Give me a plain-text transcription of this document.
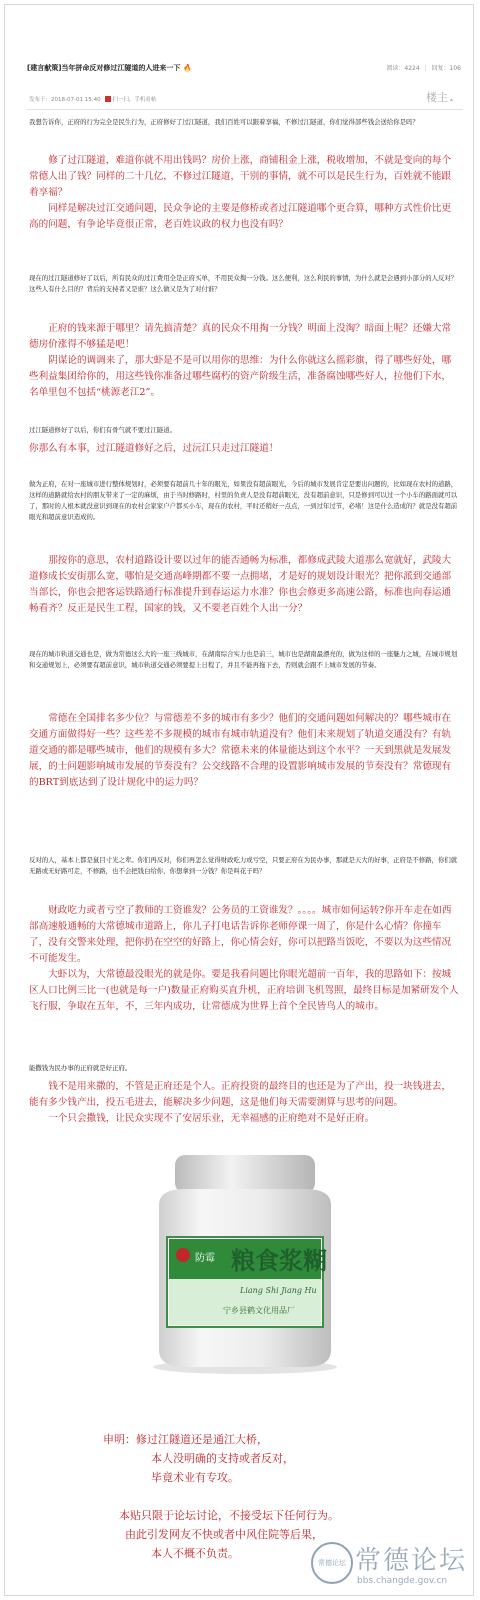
[建言献策]当年拼命反对修过江隧道的人进来一下 🔥	阅读：4224 | 回复：106
发布于：2018-07-01 15:40 扫一扫，手机看帖	楼主 ▴
我想告诉你，正府的行为完全是民生行为，正府修好了过江隧道，我们百姓可以跟着享福，不修过江隧道，你们觉得部些钱会送给你是吗？

修了过江隧道，难道你就不用出钱吗？房价上涨，商铺租金上涨，税收增加，不就是变向的每个常德人出了钱？同样的二十几亿，不修过江隧道，干别的事情，就不可以是民生行为，百姓就不能跟着享福？

同样是解决过江交通问题，民众争论的主要是修桥或者过江隧道哪个更合算，哪种方式性价比更高的问题，有争论毕竟很正常，老百姓议政的权力也没有吗？

现在的过江隧道修好了以后，所有民众的过江费用全是正府买单，不用民众掏一分钱。这么便利，这么利民的事情，为什么就是会遇到小部分的人反对？这些人有什么目的？背后的支持者又是谁？这么做又是为了对付谁？

正府的钱来源于哪里？请先搞清楚？真的民众不用掏一分钱？明面上没淘？暗面上呢？还嫌大常德房价涨得不够猛是吧！

阴谋论的调调来了，那大虾是不是可以用你的思维：为什么你就这么摇彩旗，得了哪些好处，哪些利益集团给你的，用这些钱你准备过哪些腐朽的资产阶级生活，准备腐蚀哪些好人，拉他们下水，名单里包不包括“桃源老江2”。

过江隧道修好了以后，你们有骨气就不要过江隧道。

你那么有本事，过江隧道修好之后，过沅江只走过江隧道！

做为正府，在对一座城市进行整体规划时，必须要有超前几十年的眼光，如果没有超前眼光，今后的城市发展肯定是要出问题的，比如现在农村的道路，这样的道路就给农村的朋友带来了一定的麻烦，由于当时修路时，村里的负责人是没有超前眼光，没有超前意识，只是修到可以过一个小车的路面就可以了，那时的人根本就没意识到现在的农村会家家户户都买小车，现在的农村，平时还稍好一点点，一到过年过节，必堵！这是什么造成的？就是没有超前眼光和超前意识造成的。

那按你的意思，农村道路设计要以过年的能否通畅为标准，都修成武陵大道那么宽就好，武陵大道修成长安街那么宽，哪怕是交通高峰期都不要一点拥堵，才是好的规划设计眼光？把你派到交通部当部长，你也会把客运铁路通行标准提升到春运运力水准？你也会修更多高速公路，标准也向春运通畅看齐？反正是民生工程，国家的钱，又不要老百姓个人出一分？

现在的城市轨道交通也是，做为常德这么大的一座三线城市，在湖南综合实力也是前三，城市也是湖南最漂亮的，做为这样的一座魅力之城，在城市规划和交通规划上，必须要有超前意识，城市轨道交通必须要提上日程了，并且不能再拖下去，否则就会跟不上城市发展的节奏。

常德在全国排名多少位？与常德差不多的城市有多少？他们的交通问题如何解决的？哪些城市在交通方面做得好一些？这些差不多规模的城市有城市轨道没有？他们未来规划了轨道交通没有？有轨道交通的都是哪些城市，他们的规模有多大？常德未来的体量能达到这个水平？一天到黑就是发展发展，的士问题影响城市发展的节奏没有？公交线路不合理的设置影响城市发展的节奏没有？常德现有的BRT到底达到了设计规化中的运力吗？

反对的人，基本上都是鼠目寸光之辈。你们再反对，你们再怎么觉得财政吃力或亏空，只要正府在为民办事，那就是天大的好事，正府是不修路，你们就无路或无好路可走，不修路，也不会把钱白给你，你想拿到一分钱？你是叫花子吗？

财政吃力或者亏空了教师的工资谁发？公务员的工资谁发？。。。。城市如何运转?你开车走在如西部高速般通畅的大常德城市道路上，你儿子打电话告诉你老师停课一周了，你是什么心情？你撞车了，没有交警来处理，把你扔在空空的好路上，你心情会好，你可以把路当饭吃，不要以为这些情况不可能发生。

大虾以为，大常德最没眼光的就是你。要是我看问题比你眼光超前一百年，我的思路如下：按城区人口比例三比一(也就是每一户)数量正府购买直升机，正府培训飞机驾照，最终目标是加紧研发个人飞行服，争取在五年，不，三年内成功，让常德成为世界上首个全民皆鸟人的城市。

能撒钱为民办事的正府就是好正府。

钱不是用来撒的，不管是正府还是个人。正府投资的最终目的也还是为了产出，投一块钱进去，能有多少钱产出，投五毛进去，能解决多少问题，这是他们每天需要测算与思考的问题。

一个只会撒钱，让民众实现不了安居乐业，无幸福感的正府绝对不是好正府。

防霉 粮食浆糊
Liang Shi Jiang Hu
宁乡县鹤文化用品厂
申明：修过江隧道还是通江大桥，
本人没明确的支持或者反对，
毕竟术业有专攻。
本贴只限于论坛讨论，不接受坛下任何行为。
由此引发网友不快或者中风住院等后果，
本人不概不负责。
常德论坛 常德论坛
bbs.changde.gov.cn
